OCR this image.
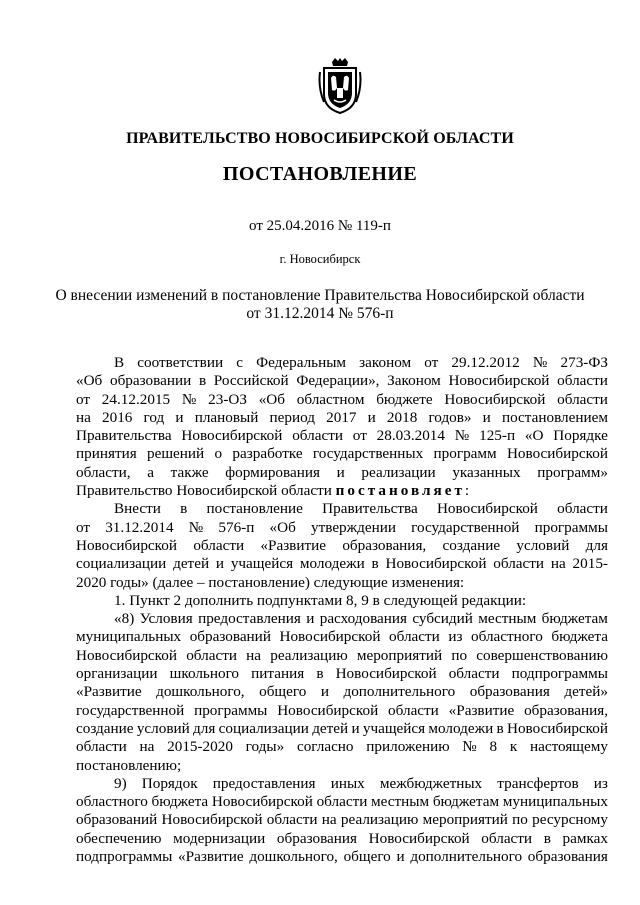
ПРАВИТЕЛЬСТВО НОВОСИБИРСКОЙ ОБЛАСТИ
ПОСТАНОВЛЕНИЕ
от 25.04.2016 № 119-п
г. Новосибирск
О внесении изменений в постановление Правительства Новосибирской области
от 31.12.2014 № 576-п
В соответствии с Федеральным законом от 29.12.2012 № 273-ФЗ
«Об образовании в Российской Федерации», Законом Новосибирской области
от 24.12.2015 № 23-ОЗ «Об областном бюджете Новосибирской области
на 2016 год и плановый период 2017 и 2018 годов» и постановлением
Правительства Новосибирской области от 28.03.2014 № 125-п «О Порядке
принятия решений о разработке государственных программ Новосибирской
области, а также формирования и реализации указанных программ»
Правительство Новосибирской области постановляет :
Внести в постановление Правительства Новосибирской области
от 31.12.2014 № 576-п «Об утверждении государственной программы
Новосибирской области «Развитие образования, создание условий для
социализации детей и учащейся молодежи в Новосибирской области на 2015-
2020 годы» (далее – постановление) следующие изменения:
1. Пункт 2 дополнить подпунктами 8, 9 в следующей редакции:
«8) Условия предоставления и расходования субсидий местным бюджетам
муниципальных образований Новосибирской области из областного бюджета
Новосибирской области на реализацию мероприятий по совершенствованию
организации школьного питания в Новосибирской области подпрограммы
«Развитие дошкольного, общего и дополнительного образования детей»
государственной программы Новосибирской области «Развитие образования,
создание условий для социализации детей и учащейся молодежи в Новосибирской
области на 2015-2020 годы» согласно приложению № 8 к настоящему
постановлению;
9) Порядок предоставления иных межбюджетных трансфертов из
областного бюджета Новосибирской области местным бюджетам муниципальных
образований Новосибирской области на реализацию мероприятий по ресурсному
обеспечению модернизации образования Новосибирской области в рамках
подпрограммы «Развитие дошкольного, общего и дополнительного образования
